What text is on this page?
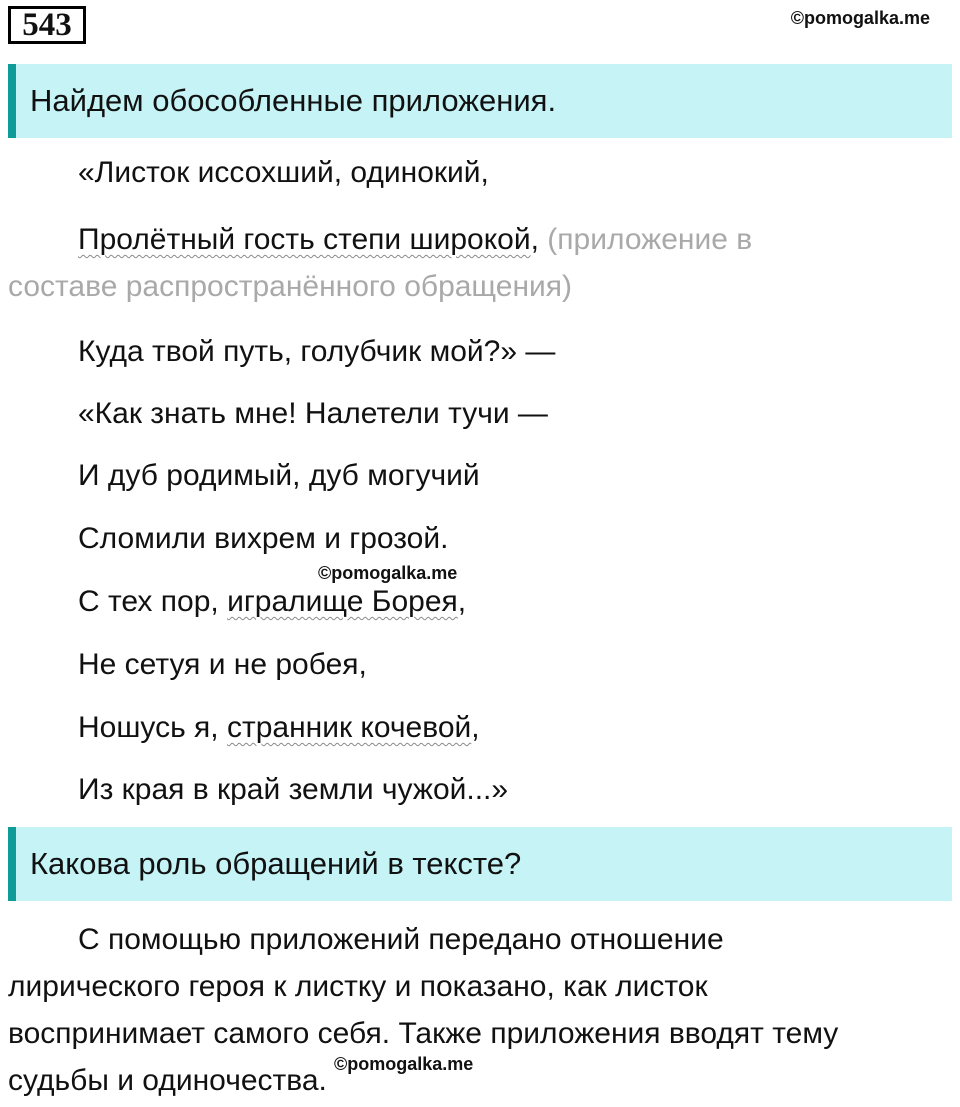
543	©pomogalka.me
Найдем обособленные приложения.
«Листок иссохший, одинокий,
Пролётный гость степи широкой, (приложение в
составе распространённого обращения)
Куда твой путь, голубчик мой?» —
«Как знать мне! Налетели тучи —
И дуб родимый, дуб могучий
Сломили вихрем и грозой.
©pomogalka.me
С тех пор, игралище Борея,
Не сетуя и не робея,
Ношусь я, странник кочевой,
Из края в край земли чужой...»
Какова роль обращений в тексте?
С помощью приложений передано отношение
лирического героя к листку и показано, как листок
воспринимает самого себя. Также приложения вводят тему
судьбы и одиночества. ©pomogalka.me
